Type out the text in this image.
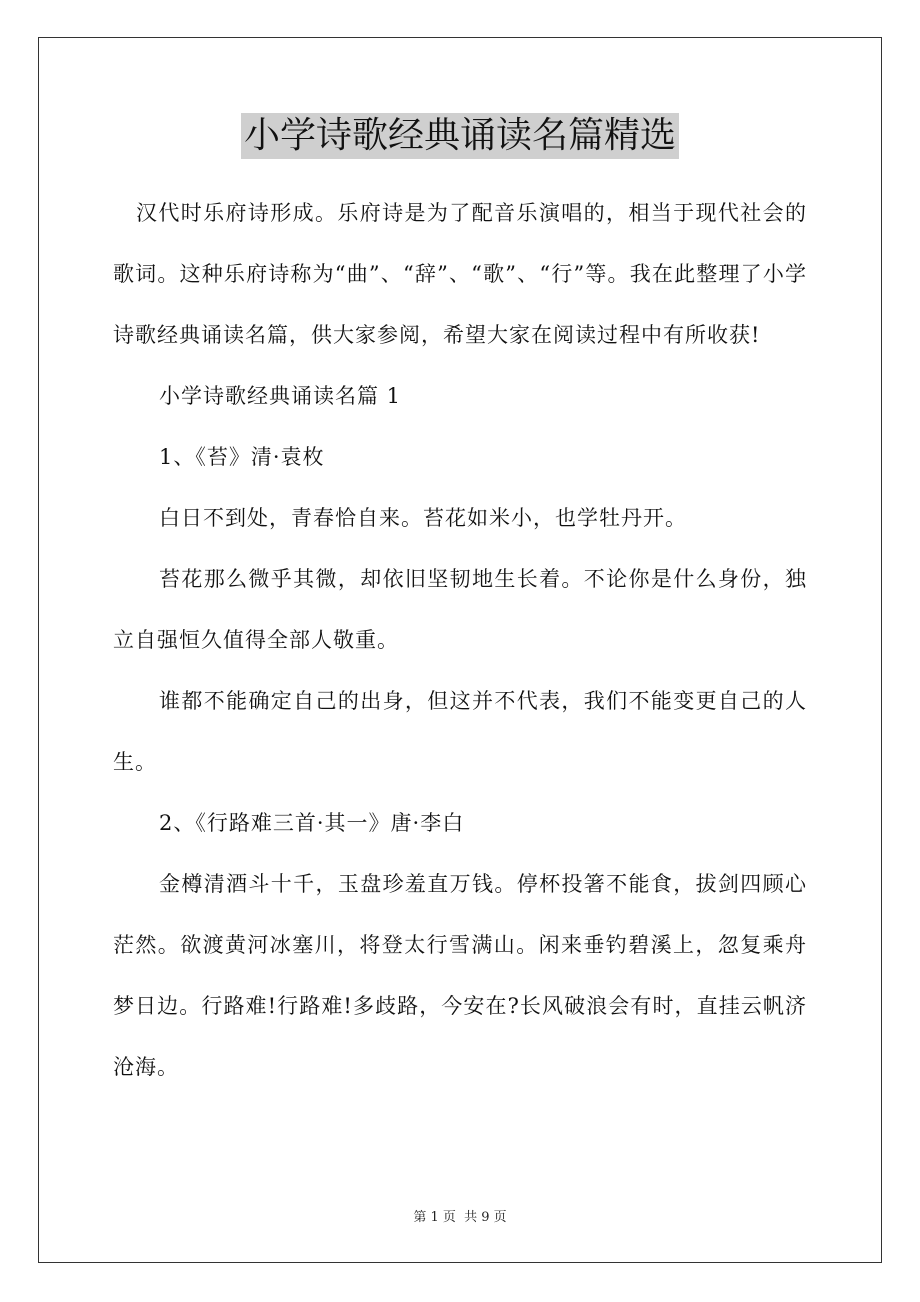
小学诗歌经典诵读名篇精选

汉代时乐府诗形成。乐府诗是为了配音乐演唱的，相当于现代社会的歌词。这种乐府诗称为“曲”、“辞”、“歌”、“行”等。我在此整理了小学诗歌经典诵读名篇，供大家参阅，希望大家在阅读过程中有所收获!

小学诗歌经典诵读名篇 1

1、《苔》清·袁枚

白日不到处，青春恰自来。苔花如米小，也学牡丹开。

苔花那么微乎其微，却依旧坚韧地生长着。不论你是什么身份，独立自强恒久值得全部人敬重。

谁都不能确定自己的出身，但这并不代表，我们不能变更自己的人生。

2、《行路难三首·其一》唐·李白

金樽清酒斗十千，玉盘珍羞直万钱。停杯投箸不能食，拔剑四顾心茫然。欲渡黄河冰塞川，将登太行雪满山。闲来垂钓碧溪上，忽复乘舟梦日边。行路难!行路难!多歧路，今安在?长风破浪会有时，直挂云帆济沧海。

第 1 页 共 9 页
